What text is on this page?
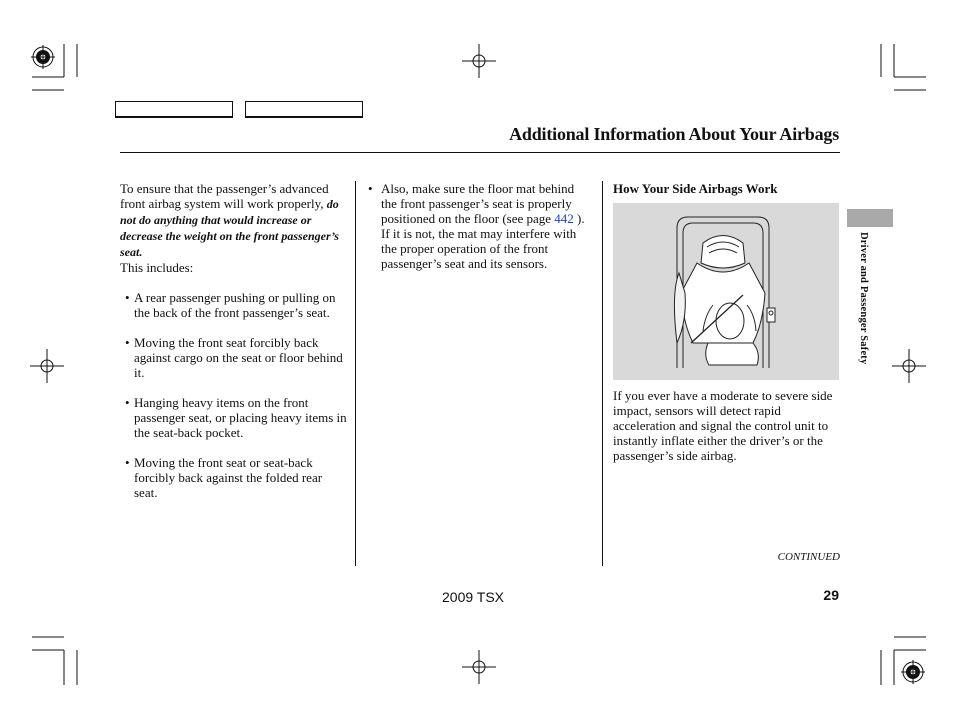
Additional Information About Your Airbags

To ensure that the passenger’s advanced front airbag system will work properly, do not do anything that would increase or decrease the weight on the front passenger’s seat.

This includes:

• A rear passenger pushing or pulling on the back of the front passenger’s seat.
• Moving the front seat forcibly back against cargo on the seat or floor behind it.
• Hanging heavy items on the front passenger seat, or placing heavy items in the seat-back pocket.
• Moving the front seat or seat-back forcibly back against the folded rear seat.
• Also, make sure the floor mat behind the front passenger’s seat is properly positioned on the floor (see page 442 ). If it is not, the mat may interfere with the proper operation of the front passenger’s seat and its sensors.
How Your Side Airbags Work
If you ever have a moderate to severe side impact, sensors will detect rapid acceleration and signal the control unit to instantly inflate either the driver’s or the passenger’s side airbag.
Driver and Passenger Safety
CONTINUED
2009 TSX	29
